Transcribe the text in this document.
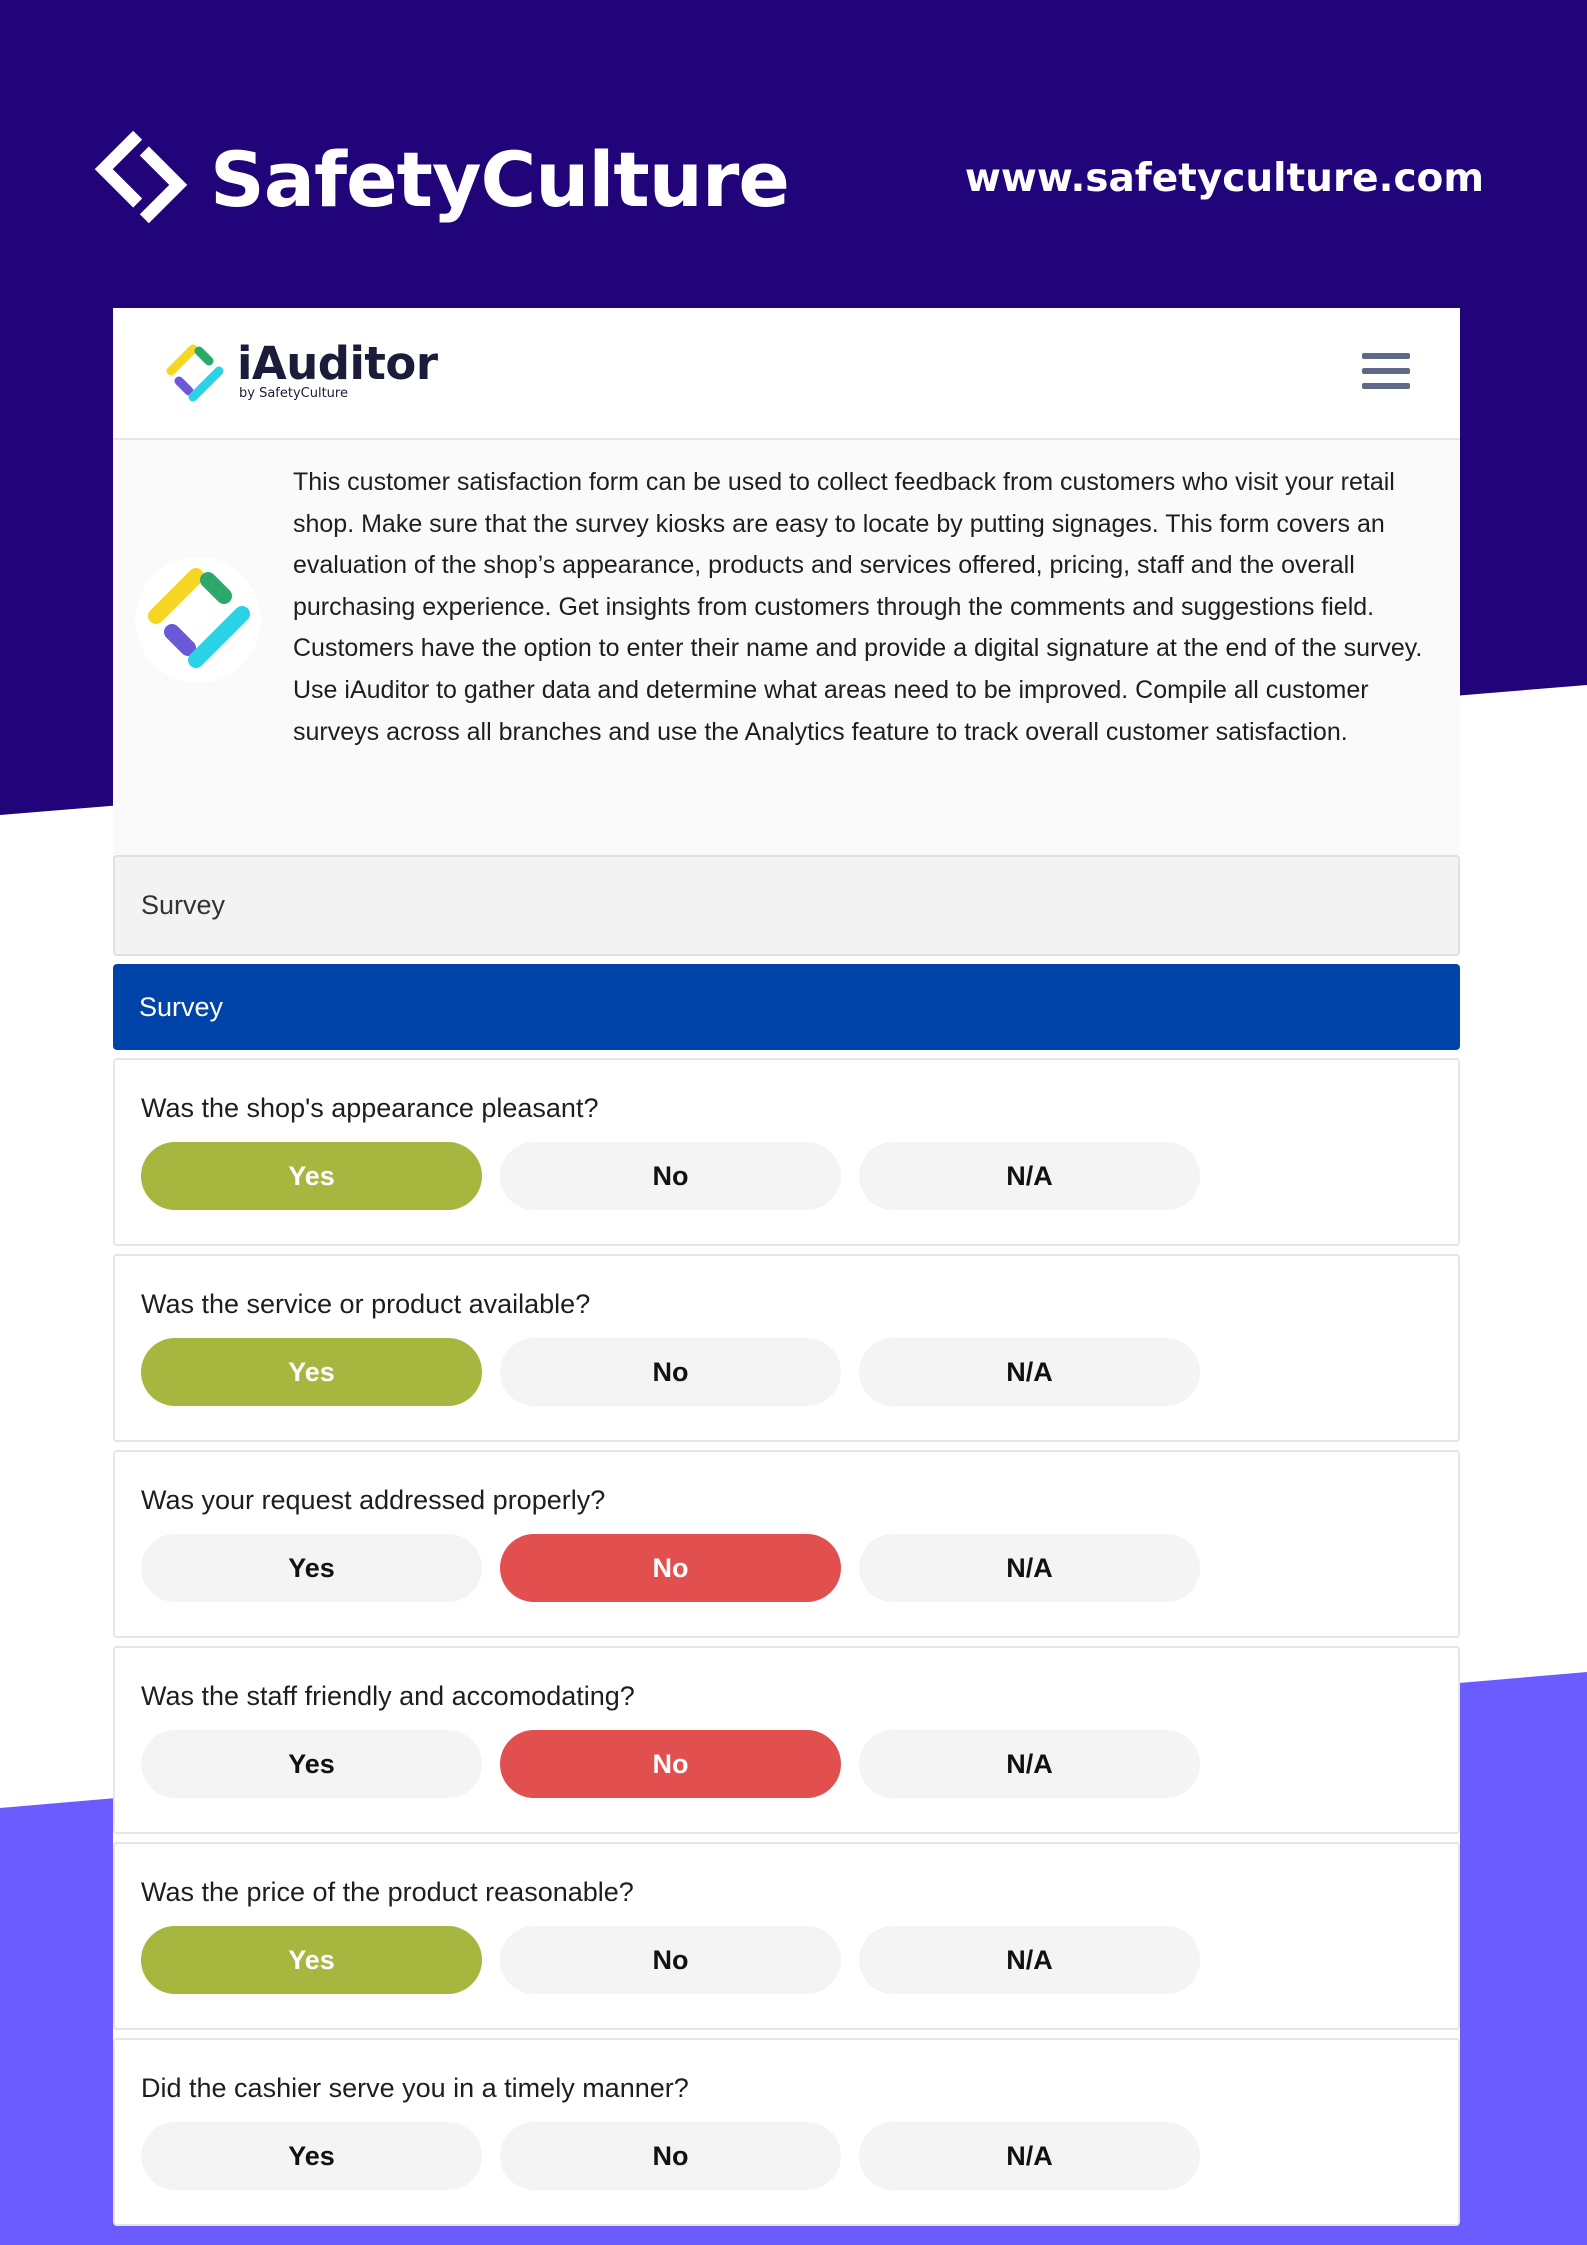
SafetyCulture	www.safetyculture.com
iAuditor
by SafetyCulture
This customer satisfaction form can be used to collect feedback from customers who visit your retail shop. Make sure that the survey kiosks are easy to locate by putting signages. This form covers an evaluation of the shop’s appearance, products and services offered, pricing, staff and the overall purchasing experience. Get insights from customers through the comments and suggestions field. Customers have the option to enter their name and provide a digital signature at the end of the survey. Use iAuditor to gather data and determine what areas need to be improved. Compile all customer surveys across all branches and use the Analytics feature to track overall customer satisfaction.
Survey
Survey
Was the shop's appearance pleasant?
Yes	No	N/A
Was the service or product available?
Yes	No	N/A
Was your request addressed properly?
Yes	No	N/A
Was the staff friendly and accomodating?
Yes	No	N/A
Was the price of the product reasonable?
Yes	No	N/A
Did the cashier serve you in a timely manner?
Yes	No	N/A
